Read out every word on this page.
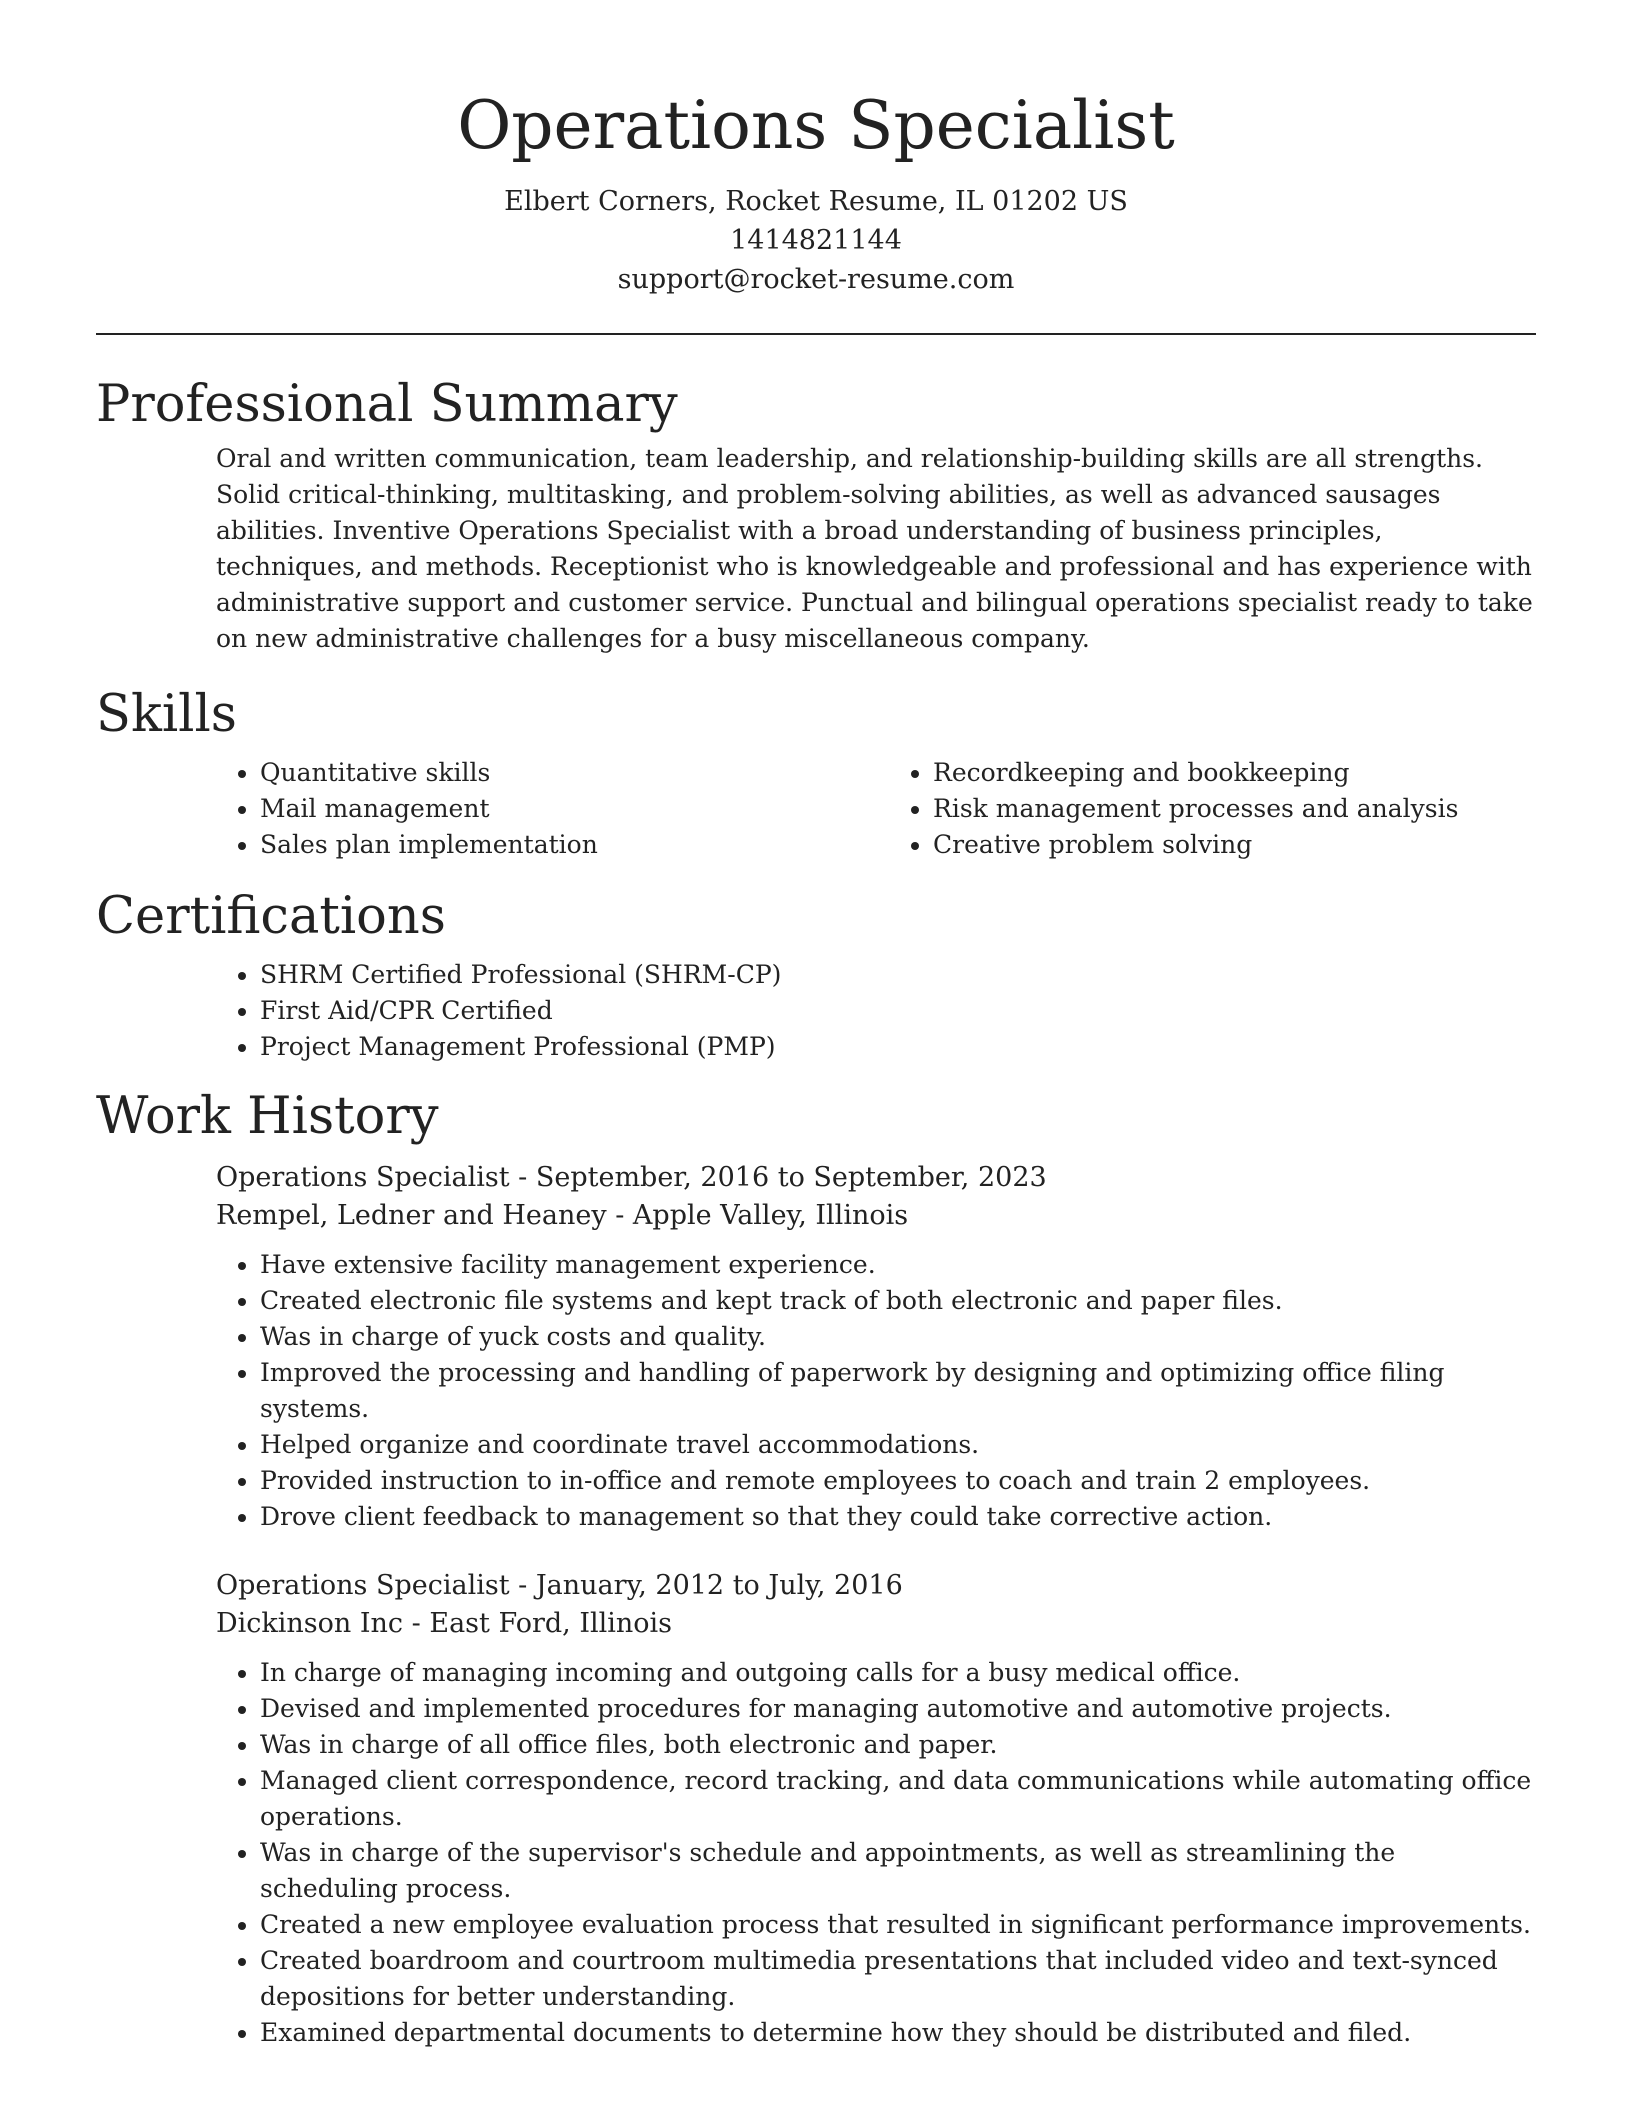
Operations Specialist
Elbert Corners, Rocket Resume, IL 01202 US
1414821144
support@rocket-resume.com
Professional Summary

Oral and written communication, team leadership, and relationship-building skills are all strengths. Solid critical-thinking, multitasking, and problem-solving abilities, as well as advanced sausages abilities. Inventive Operations Specialist with a broad understanding of business principles, techniques, and methods. Receptionist who is knowledgeable and professional and has experience with administrative support and customer service. Punctual and bilingual operations specialist ready to take on new administrative challenges for a busy miscellaneous company.

Skills
• Quantitative skills
• Mail management
• Sales plan implementation
• Recordkeeping and bookkeeping
• Risk management processes and analysis
• Creative problem solving
Certifications
• SHRM Certified Professional (SHRM-CP)
• First Aid/CPR Certified
• Project Management Professional (PMP)
Work History
Operations Specialist - September, 2016 to September, 2023
Rempel, Ledner and Heaney - Apple Valley, Illinois
• Have extensive facility management experience.
• Created electronic file systems and kept track of both electronic and paper files.
• Was in charge of yuck costs and quality.
• Improved the processing and handling of paperwork by designing and optimizing office filing systems.
• Helped organize and coordinate travel accommodations.
• Provided instruction to in-office and remote employees to coach and train 2 employees.
• Drove client feedback to management so that they could take corrective action.
Operations Specialist - January, 2012 to July, 2016
Dickinson Inc - East Ford, Illinois
• In charge of managing incoming and outgoing calls for a busy medical office.
• Devised and implemented procedures for managing automotive and automotive projects.
• Was in charge of all office files, both electronic and paper.
• Managed client correspondence, record tracking, and data communications while automating office operations.
• Was in charge of the supervisor's schedule and appointments, as well as streamlining the scheduling process.
• Created a new employee evaluation process that resulted in significant performance improvements.
• Created boardroom and courtroom multimedia presentations that included video and text-synced depositions for better understanding.
• Examined departmental documents to determine how they should be distributed and filed.
